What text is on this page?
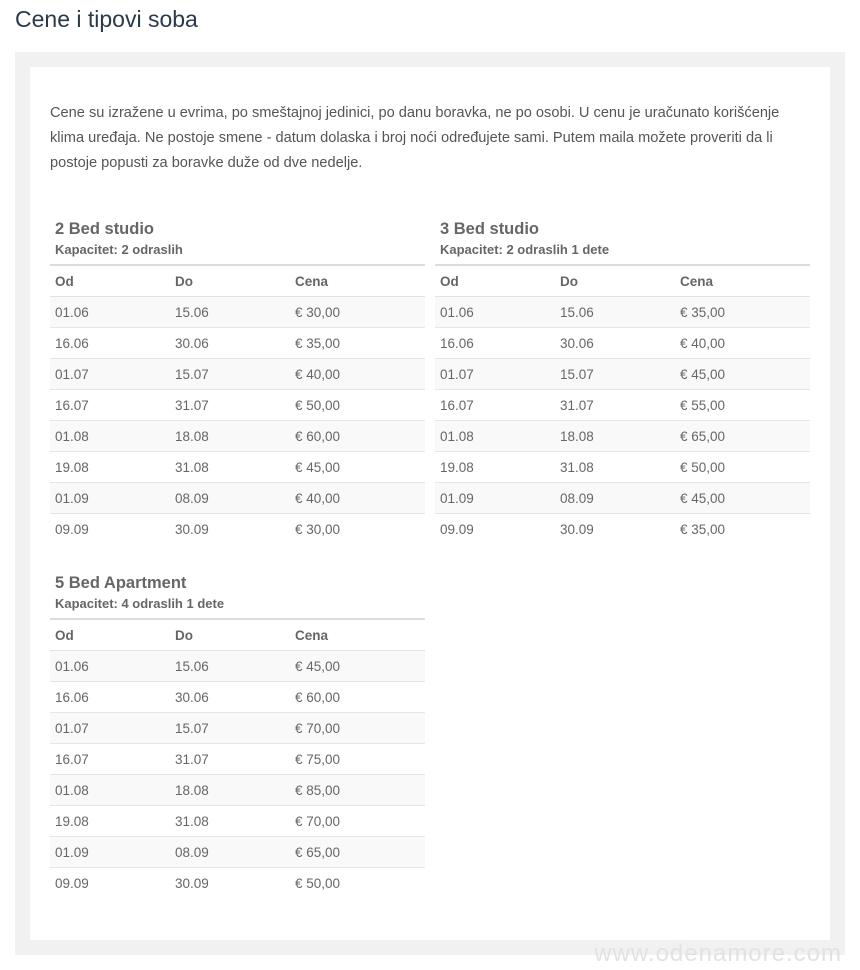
Cene i tipovi soba

Cene su izražene u evrima, po smeštajnoj jedinici, po danu boravka, ne po osobi. U cenu je uračunato korišćenje klima uređaja. Ne postoje smene - datum dolaska i broj noći određujete sami. Putem maila možete proveriti da li postoje popusti za boravke duže od dve nedelje.

2 Bed studio
Kapacitet: 2 odraslih
Od	Do	Cena
01.06	15.06	€ 30,00
16.06	30.06	€ 35,00
01.07	15.07	€ 40,00
16.07	31.07	€ 50,00
01.08	18.08	€ 60,00
19.08	31.08	€ 45,00
01.09	08.09	€ 40,00
09.09	30.09	€ 30,00
3 Bed studio
Kapacitet: 2 odraslih 1 dete
Od	Do	Cena
01.06	15.06	€ 35,00
16.06	30.06	€ 40,00
01.07	15.07	€ 45,00
16.07	31.07	€ 55,00
01.08	18.08	€ 65,00
19.08	31.08	€ 50,00
01.09	08.09	€ 45,00
09.09	30.09	€ 35,00
5 Bed Apartment
Kapacitet: 4 odraslih 1 dete
Od	Do	Cena
01.06	15.06	€ 45,00
16.06	30.06	€ 60,00
01.07	15.07	€ 70,00
16.07	31.07	€ 75,00
01.08	18.08	€ 85,00
19.08	31.08	€ 70,00
01.09	08.09	€ 65,00
09.09	30.09	€ 50,00
www.odenamore.com
